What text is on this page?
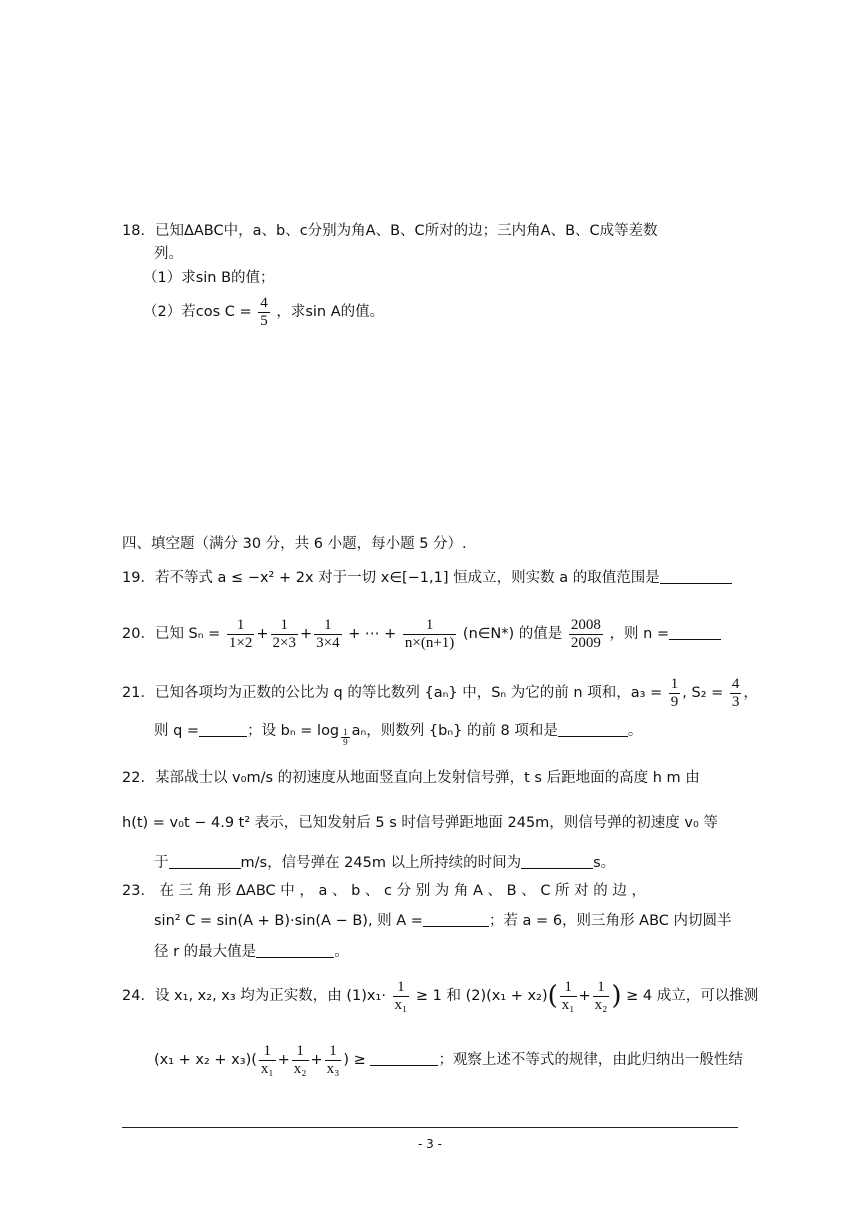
18．已知ΔABC中，a、b、c分别为角A、B、C所对的边；三内角A、B、C成等差数
列。
（1）求sin B的值；
（2）若$\cos C = \frac{4}{5}$ ，求sin A的值。
四、填空题（满分 30 分，共 6 小题，每小题 5 分）.
19．若不等式 a ≤ −x² + 2x 对于一切 x∈[−1,1] 恒成立，则实数 a 的取值范围是
20．已知 $S_n = \frac{1}{1\times 2} + \frac{1}{2\times 3} + \frac{1}{3\times 4}$ + ⋯ + $\frac{1}{n\times(n+1)}$ (n∈N*) 的值是 $\frac{2008}{2009}$ ，则 n =
21．已知各项均为正数的公比为 q 的等比数列 {aₙ} 中，Sₙ 为它的前 n 项和，$a_3 = \frac{1}{9}$ , $S_2 = \frac{4}{3}$ ，
则 q =	；设 $b_n = \log \frac{1}{9}$ aₙ，则数列 {bₙ} 的前 8 项和是	。
22．某部战士以 v₀m/s 的初速度从地面竖直向上发射信号弹，t s 后距地面的高度 h m 由
h(t) = v₀t − 4.9 t² 表示，已知发射后 5 s 时信号弹距地面 245m，则信号弹的初速度 v₀ 等
于	m/s，信号弹在 245m 以上所持续的时间为	s。
23． 在 三 角 形 ΔABC 中 ， a 、 b 、 c 分 别 为 角 A 、 B 、 C 所 对 的 边 ，
sin² C = sin(A + B)·sin(A − B), 则 A =	；若 a = 6，则三角形 ABC 内切圆半
径 r 的最大值是	。
24．设 x₁, x₂, x₃ 均为正实数，由 $(1)x_1\cdot \frac{1}{\text{x₁}} \ge 1$ 和 $(2)(x_1 + x_2)( \frac{1}{\text{x₁}} + \frac{1}{\text{x₂}}$ ) ≥ 4 成立，可以推测
$(x_1 + x_2 + x_3)( \frac{1}{\text{x₁}} + \frac{1}{\text{x₂}} + \frac{1}{\text{x₃}}$ ) ≥	；观察上述不等式的规律，由此归纳出一般性结
- 3 -
